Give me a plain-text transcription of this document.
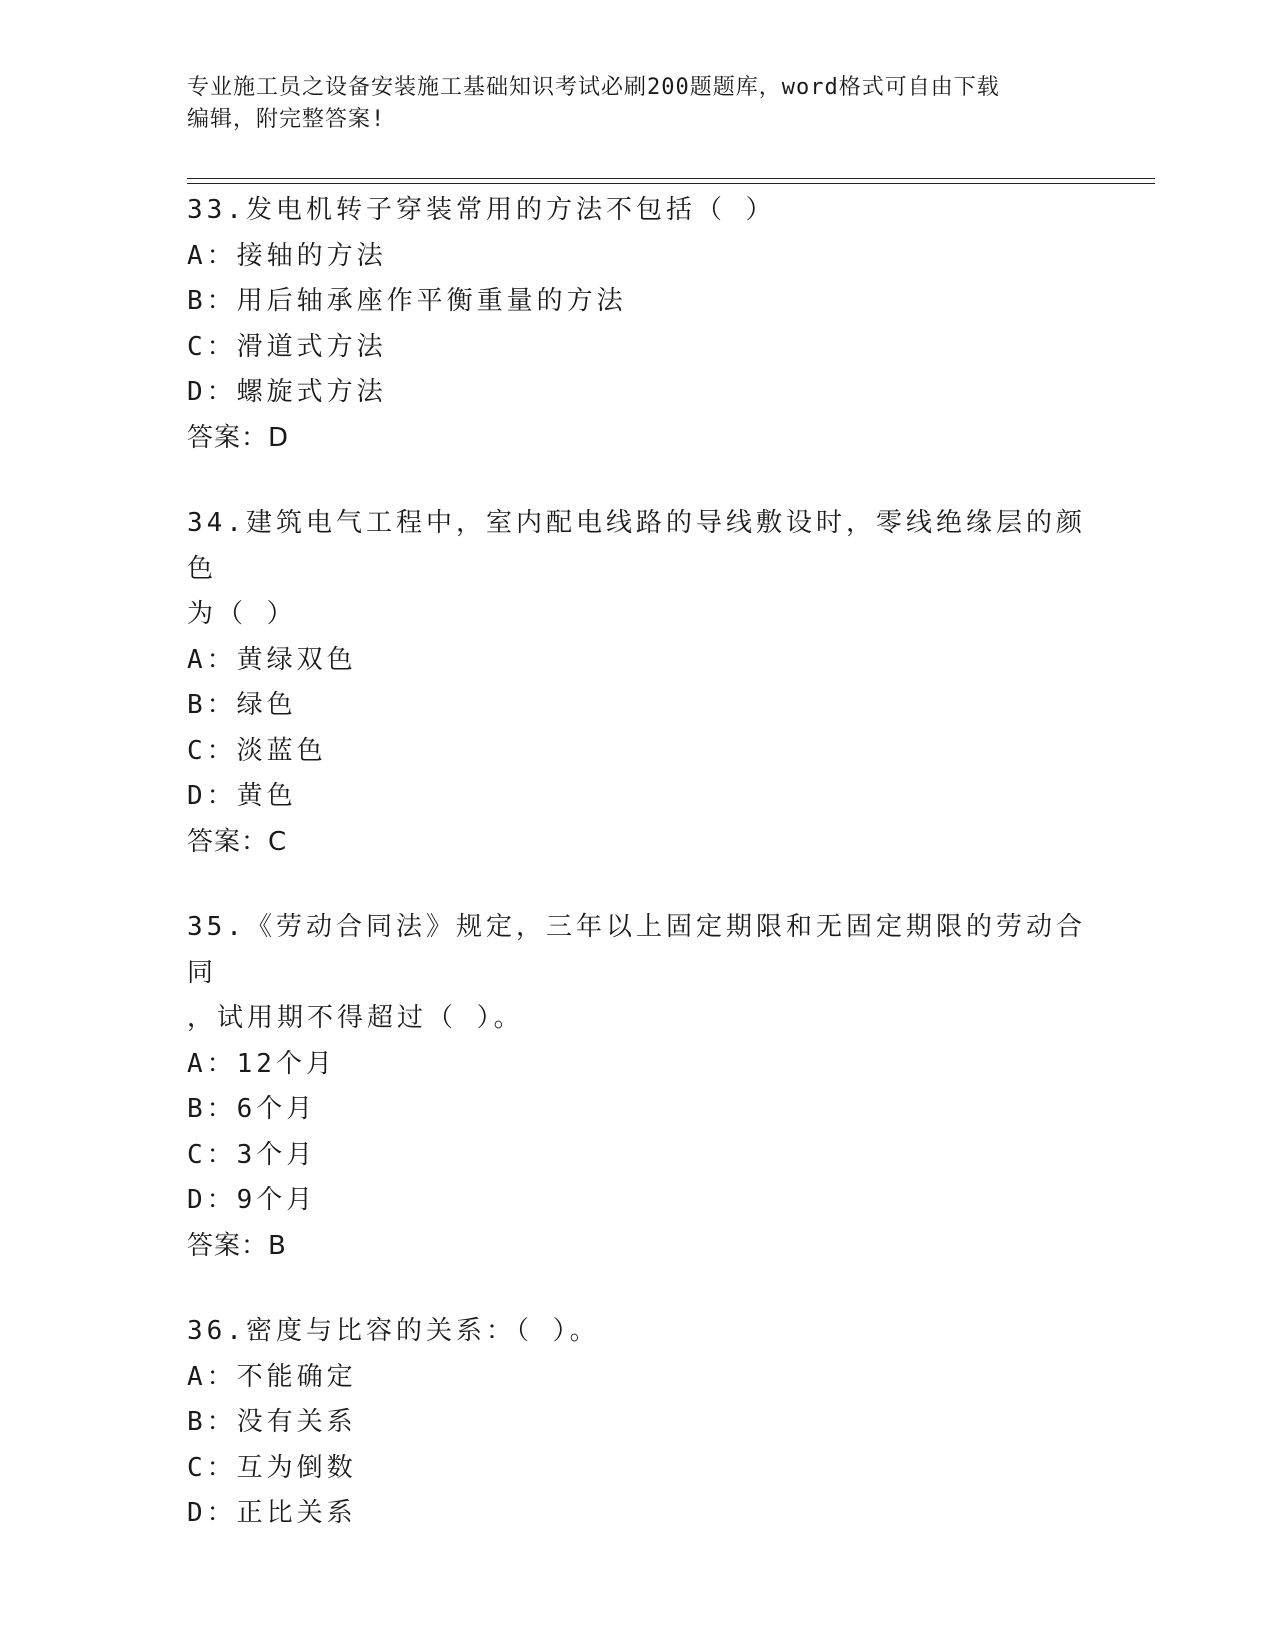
专业施工员之设备安装施工基础知识考试必刷200题题库，word格式可自由下载
编辑，附完整答案!
33.发电机转子穿装常用的方法不包括（ ）
A：接轴的方法
B：用后轴承座作平衡重量的方法
C：滑道式方法
D：螺旋式方法
答案：D
34.建筑电气工程中，室内配电线路的导线敷设时，零线绝缘层的颜色
为（ ）
A：黄绿双色
B：绿色
C：淡蓝色
D：黄色
答案：C
35.《劳动合同法》规定，三年以上固定期限和无固定期限的劳动合同
，试用期不得超过（ ）。
A：12个月
B：6个月
C：3个月
D：9个月
答案：B
36.密度与比容的关系：（ ）。
A：不能确定
B：没有关系
C：互为倒数
D：正比关系
